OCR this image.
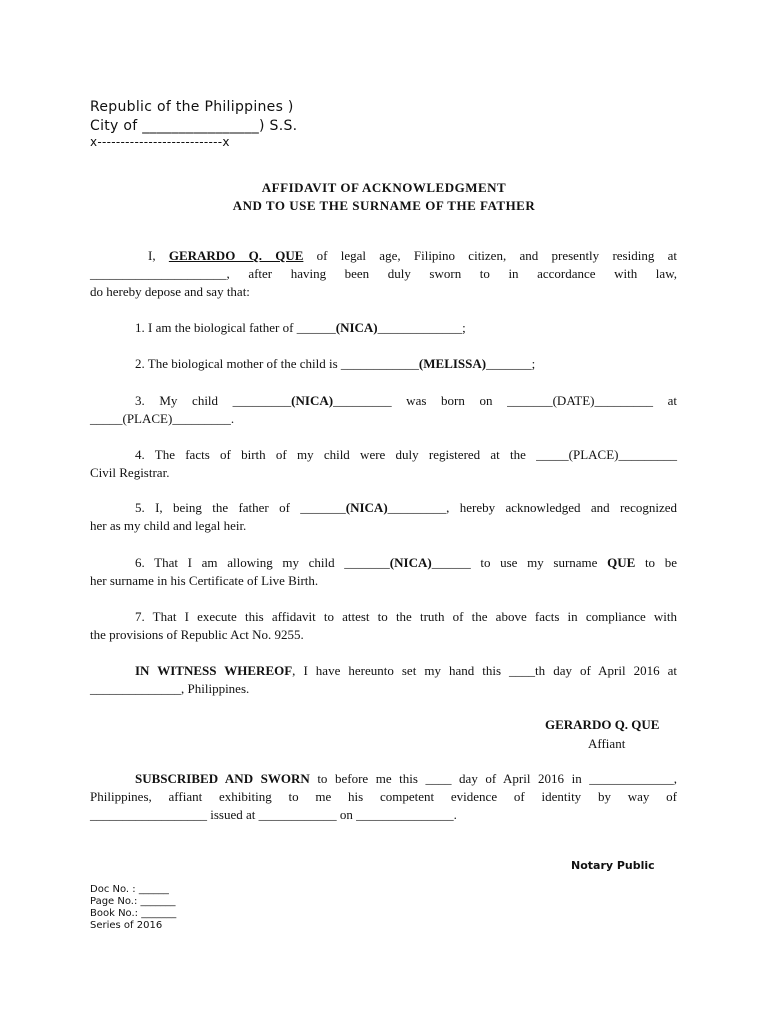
Republic of the Philippines )
City of ________________) S.S.
x---------------------------x
AFFIDAVIT OF ACKNOWLEDGMENT
AND TO USE THE SURNAME OF THE FATHER
I, GERARDO Q. QUE of legal age, Filipino citizen, and presently residing at
_____________________, after having been duly sworn to in accordance with law,
do hereby depose and say that:
1. I am the biological father of ______(NICA)_____________;
2. The biological mother of the child is ____________(MELISSA)_______;
3. My child _________(NICA)_________ was born on _______(DATE)_________ at
_____(PLACE)_________.
4. The facts of birth of my child were duly registered at the _____(PLACE)_________
Civil Registrar.
5. I, being the father of _______(NICA)_________, hereby acknowledged and recognized
her as my child and legal heir.
6. That I am allowing my child _______(NICA)______ to use my surname QUE to be
her surname in his Certificate of Live Birth.
7. That I execute this affidavit to attest to the truth of the above facts in compliance with
the provisions of Republic Act No. 9255.
IN WITNESS WHEREOF, I have hereunto set my hand this ____th day of April 2016 at
______________, Philippines.
GERARDO Q. QUE
Affiant
SUBSCRIBED AND SWORN to before me this ____ day of April 2016 in _____________,
Philippines, affiant exhibiting to me his competent evidence of identity by way of
__________________ issued at ____________ on _______________.
Notary Public
Doc No. : ______
Page No.: _______
Book No.: _______
Series of 2016
